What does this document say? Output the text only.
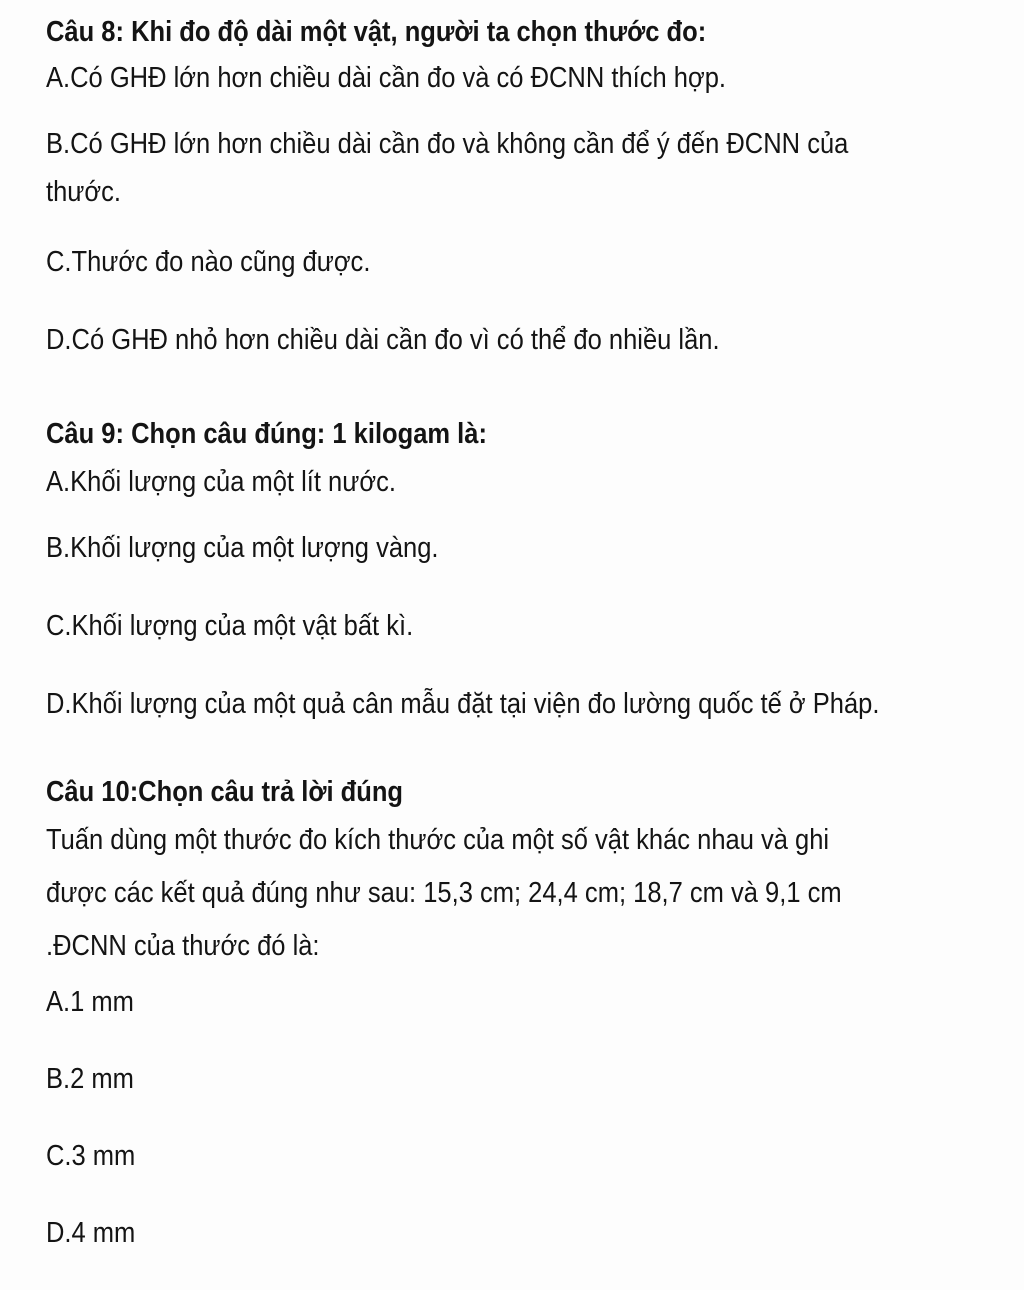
Câu 8: Khi đo độ dài một vật, người ta chọn thước đo:

A.Có GHĐ lớn hơn chiều dài cần đo và có ĐCNN thích hợp.

B.Có GHĐ lớn hơn chiều dài cần đo và không cần để ý đến ĐCNN của
thước.

C.Thước đo nào cũng được.

D.Có GHĐ nhỏ hơn chiều dài cần đo vì có thể đo nhiều lần.

Câu 9: Chọn câu đúng: 1 kilogam là:

A.Khối lượng của một lít nước.

B.Khối lượng của một lượng vàng.

C.Khối lượng của một vật bất kì.

D.Khối lượng của một quả cân mẫu đặt tại viện đo lường quốc tế ở Pháp.

Câu 10:Chọn câu trả lời đúng

Tuấn dùng một thước đo kích thước của một số vật khác nhau và ghi
được các kết quả đúng như sau: 15,3 cm; 24,4 cm; 18,7 cm và 9,1 cm
.ĐCNN của thước đó là:

A.1 mm

B.2 mm

C.3 mm

D.4 mm
